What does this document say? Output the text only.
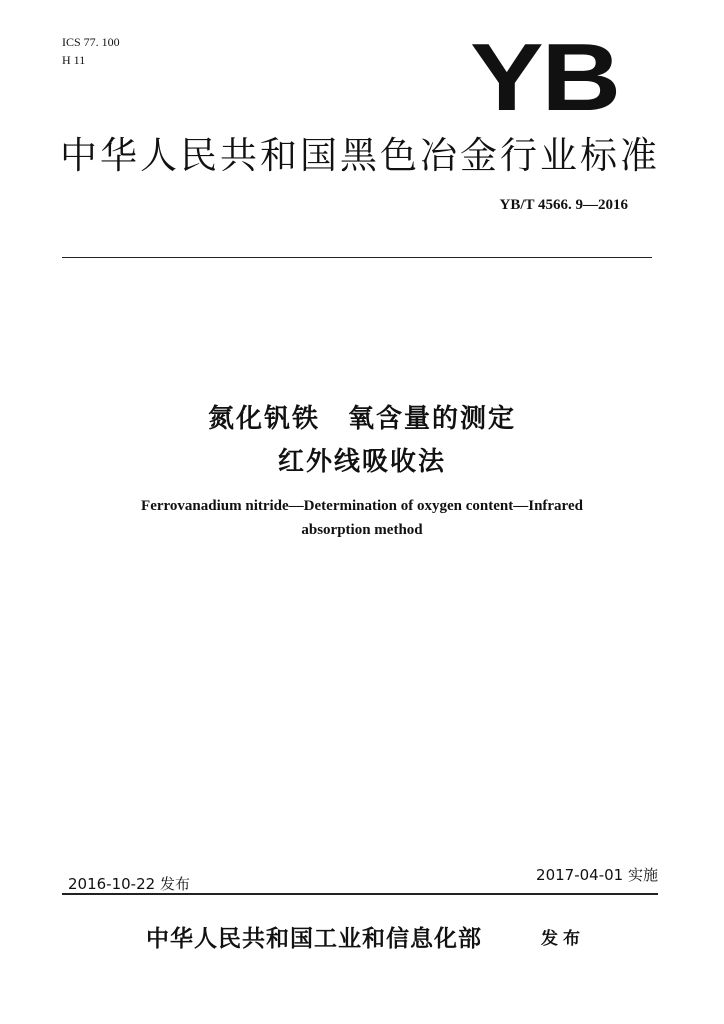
ICS 77. 100
H 11	YB
中华人民共和国黑色冶金行业标准
YB/T 4566. 9—2016
氮化钒铁　氧含量的测定
红外线吸收法
Ferrovanadium nitride—Determination of oxygen content—Infrared
absorption method
2016-10-22 发布	2017-04-01 实施
中华人民共和国工业和信息化部	发布
